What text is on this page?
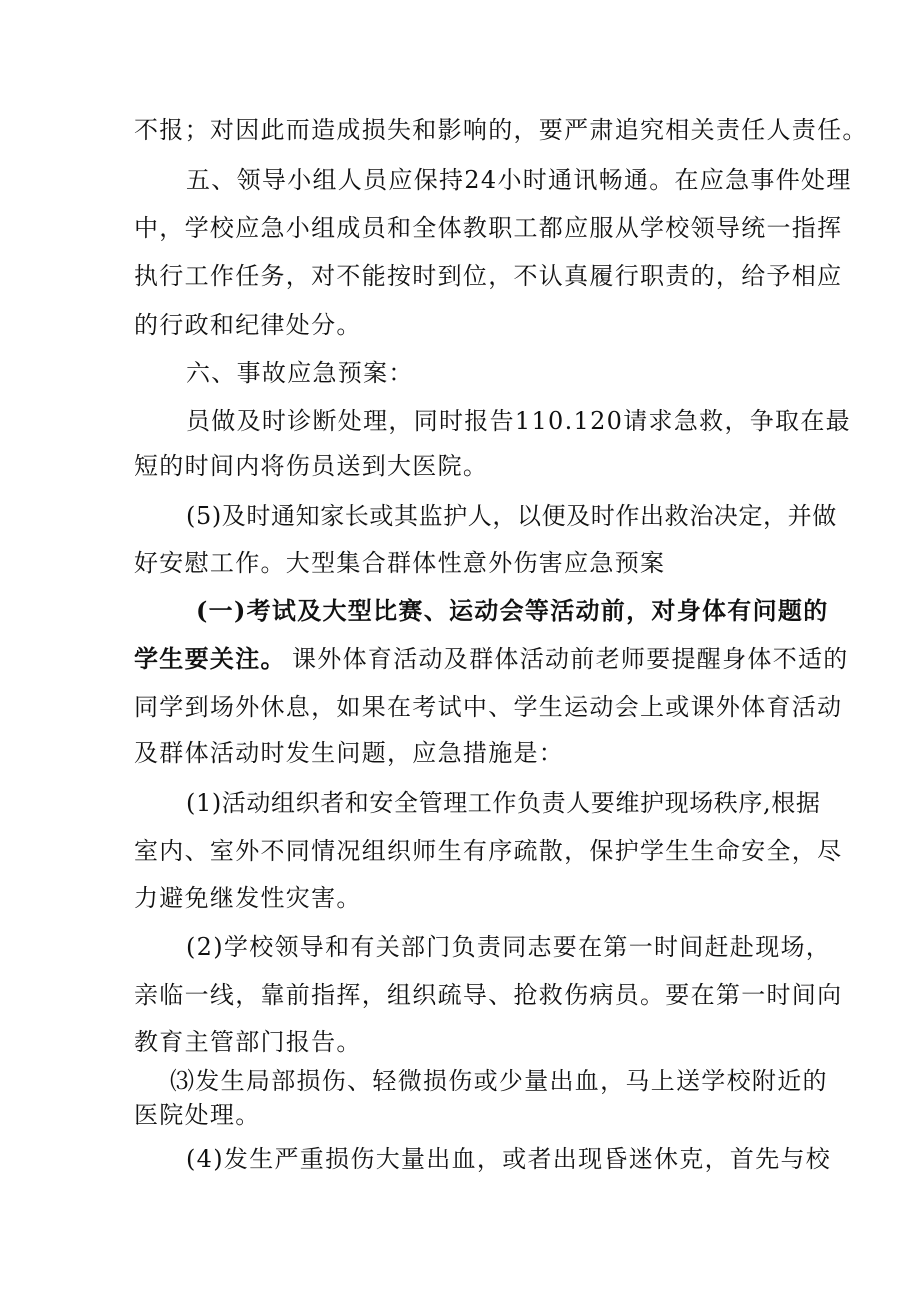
不报；对因此而造成损失和影响的，要严肃追究相关责任人责任。
五、领导小组人员应保持24小时通讯畅通。在应急事件处理
中，学校应急小组成员和全体教职工都应服从学校领导统一指挥
执行工作任务，对不能按时到位，不认真履行职责的，给予相应
的行政和纪律处分。
六、事故应急预案：
员做及时诊断处理，同时报告110.120请求急救，争取在最
短的时间内将伤员送到大医院。
(5)及时通知家长或其监护人，以便及时作出救治决定，并做
好安慰工作。大型集合群体性意外伤害应急预案
(一)考试及大型比赛、运动会等活动前，对身体有问题的
学生要关注。 课外体育活动及群体活动前老师要提醒身体不适的
同学到场外休息，如果在考试中、学生运动会上或课外体育活动
及群体活动时发生问题，应急措施是：
(1)活动组织者和安全管理工作负责人要维护现场秩序,根据
室内、室外不同情况组织师生有序疏散，保护学生生命安全，尽
力避免继发性灾害。
(2)学校领导和有关部门负责同志要在第一时间赶赴现场，
亲临一线，靠前指挥，组织疏导、抢救伤病员。要在第一时间向
教育主管部门报告。
⑶发生局部损伤、轻微损伤或少量出血，马上送学校附近的
医院处理。
(4)发生严重损伤大量出血，或者出现昏迷休克，首先与校
